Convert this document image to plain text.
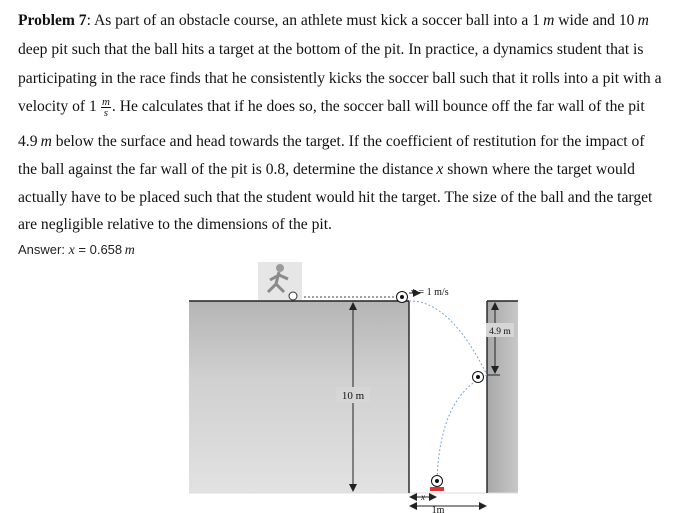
Problem 7: As part of an obstacle course, an athlete must kick a soccer ball into a 1  m wide and 10  m
deep pit such that the ball hits a target at the bottom of the pit. In practice, a dynamics student that is
participating in the race finds that he consistently kicks the soccer ball such that it rolls into a pit with a
velocity of $1 \frac{m}{s}$ . He calculates that if he does so, the soccer ball will bounce off the far wall of the pit
4.9  m below the surface and head towards the target. If the coefficient of restitution for the impact of
the ball against the far wall of the pit is 0.8, determine the distance  x shown where the target would
actually have to be placed such that the student would hit the target. The size of the ball and the target
are negligible relative to the dimensions of the pit.
Answer: x = 0.658  m
v = 1 m/s
10 m
4.9 m
x
1m
